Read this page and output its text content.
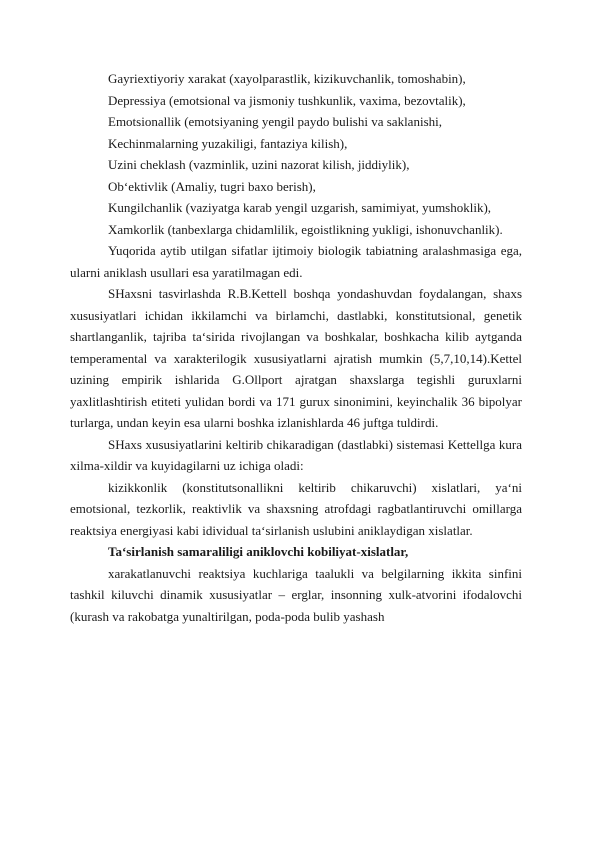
Gayriextiyoriy xarakat (xayolparastlik, kizikuvchanlik, tomoshabin),

Depressiya (emotsional va jismoniy tushkunlik, vaxima, bezovtalik),

Emotsionallik (emotsiyaning yengil paydo bulishi va saklanishi,

Kechinmalarning yuzakiligi, fantaziya kilish),

Uzini cheklash (vazminlik, uzini nazorat kilish, jiddiylik),

Ob‘ektivlik (Amaliy, tugri baxo berish),

Kungilchanlik (vaziyatga karab yengil uzgarish, samimiyat, yumshoklik),

Xamkorlik (tanbexlarga chidamlilik, egoistlikning yukligi, ishonuvchanlik).

Yuqorida aytib utilgan sifatlar ijtimoiy biologik tabiatning aralashmasiga ega, ularni aniklash usullari esa yaratilmagan edi.

SHaxsni tasvirlashda R.B.Kettell boshqa yondashuvdan foydalangan, shaxs xususiyatlari ichidan ikkilamchi va birlamchi, dastlabki, konstitutsional, genetik shartlanganlik, tajriba ta‘sirida rivojlangan va boshkalar, boshkacha kilib aytganda temperamental va xarakterilogik xususiyatlarni ajratish mumkin (5,7,10,14).Kettel uzining empirik ishlarida G.Ollport ajratgan shaxslarga tegishli guruxlarni yaxlitlashtirish etiteti yulidan bordi va 171 gurux sinonimini, keyinchalik 36 bipolyar turlarga, undan keyin esa ularni boshka izlanishlarda 46 juftga tuldirdi.

SHaxs xususiyatlarini keltirib chikaradigan (dastlabki) sistemasi Kettellga kura xilma-xildir va kuyidagilarni uz ichiga oladi:

kizikkonlik (konstitutsonallikni keltirib chikaruvchi) xislatlari, ya‘ni emotsional, tezkorlik, reaktivlik va shaxsning atrofdagi ragbatlantiruvchi omillarga reaktsiya energiyasi kabi idividual ta‘sirlanish uslubini aniklaydigan xislatlar.

Ta‘sirlanish samaraliligi aniklovchi kobiliyat-xislatlar,

xarakatlanuvchi reaktsiya kuchlariga taalukli va belgilarning ikkita sinfini tashkil kiluvchi dinamik xususiyatlar – erglar, insonning xulk-atvorini ifodalovchi (kurash va rakobatga yunaltirilgan, poda-poda bulib yashash
